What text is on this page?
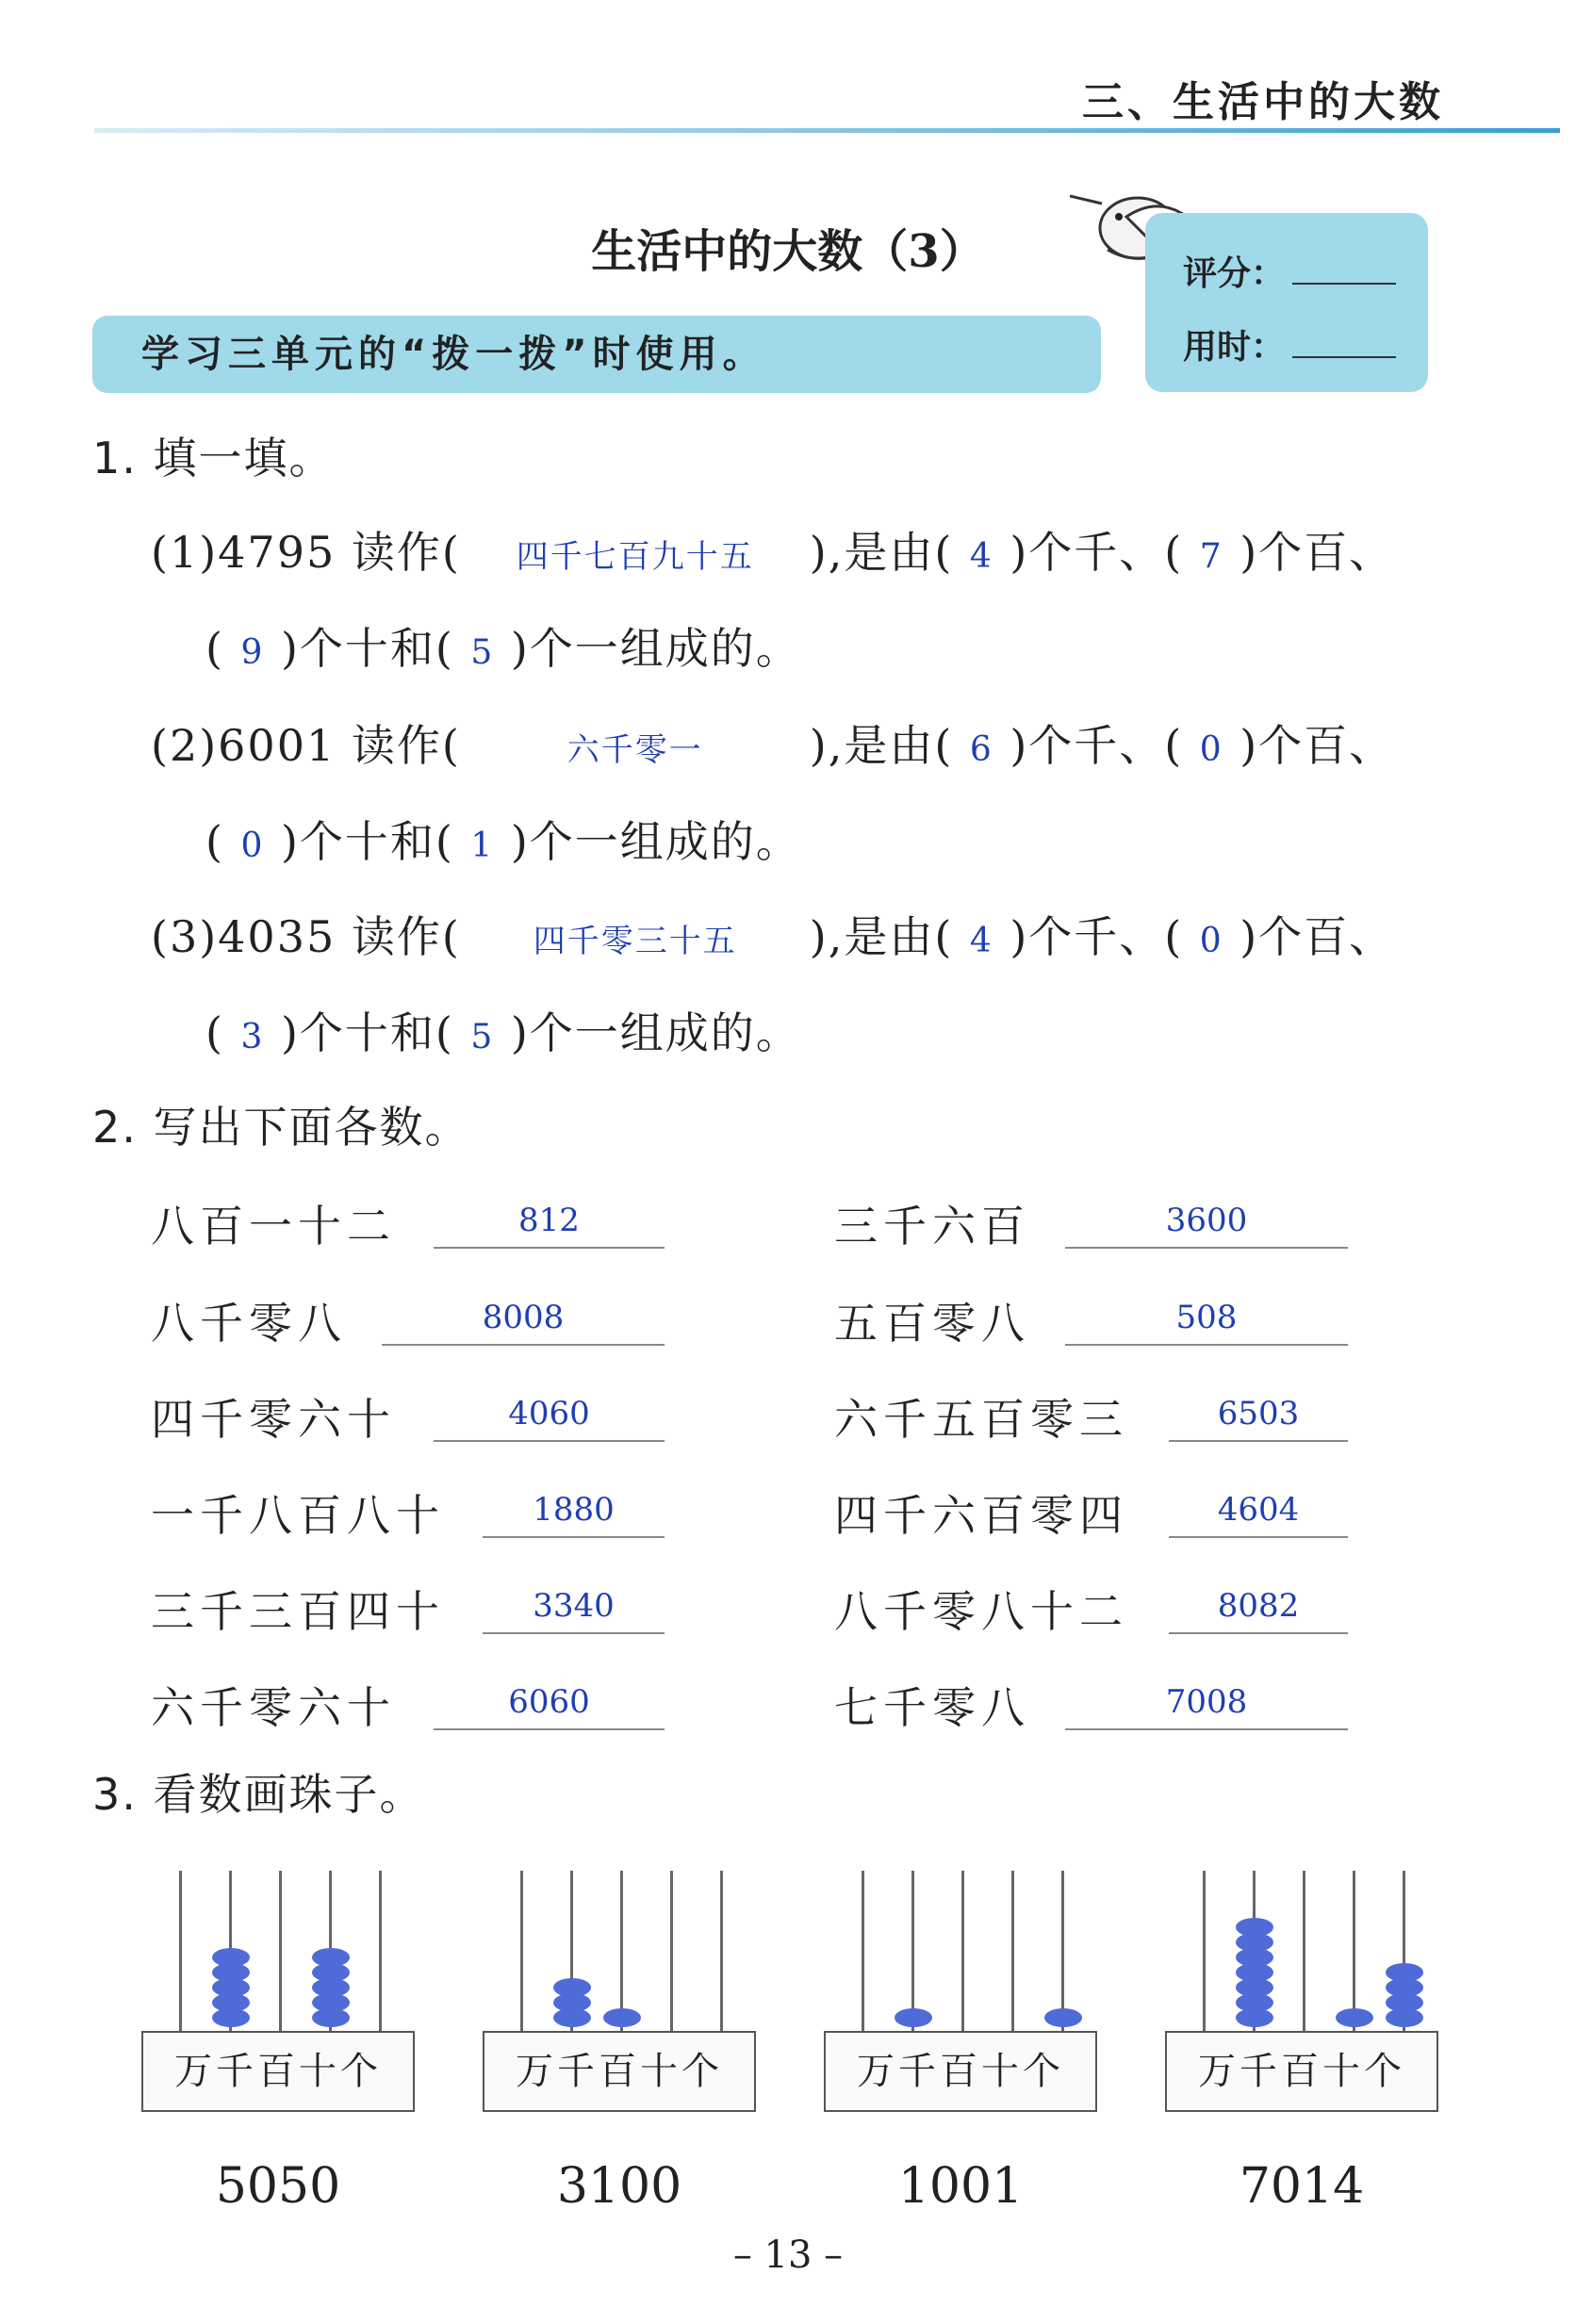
三、生活中的大数
生活中的大数（3）	评分：
用时：
学习三单元的“拨一拨”时使用。
1. 填一填。
2. 写出下面各数。
3. 看数画珠子。
– 13 –
(1)4795 读作( 四千七百九十五 ),是由( 4 )个千、( 7 )个百、
( 9 )个十和( 5 )个一组成的。
(2)6001 读作(	六千零一 ),是由( 6 )个千、( 0 )个百、
( 0 )个十和( 1 )个一组成的。
(3)4035 读作( 四千零三十五 ),是由( 4 )个千、( 0 )个百、
( 3 )个十和( 5 )个一组成的。
八百一十二	812
八千零八	8008
四千零六十	4060
一千八百八十	1880
三千三百四十	3340
六千零六十	6060
三千六百	3600
五百零八	508
六千五百零三	6503
四千六百零四	4604
八千零八十二	8082
七千零八	7008
万千百十个
5050
万千百十个
3100
万千百十个
1001
万千百十个
7014
